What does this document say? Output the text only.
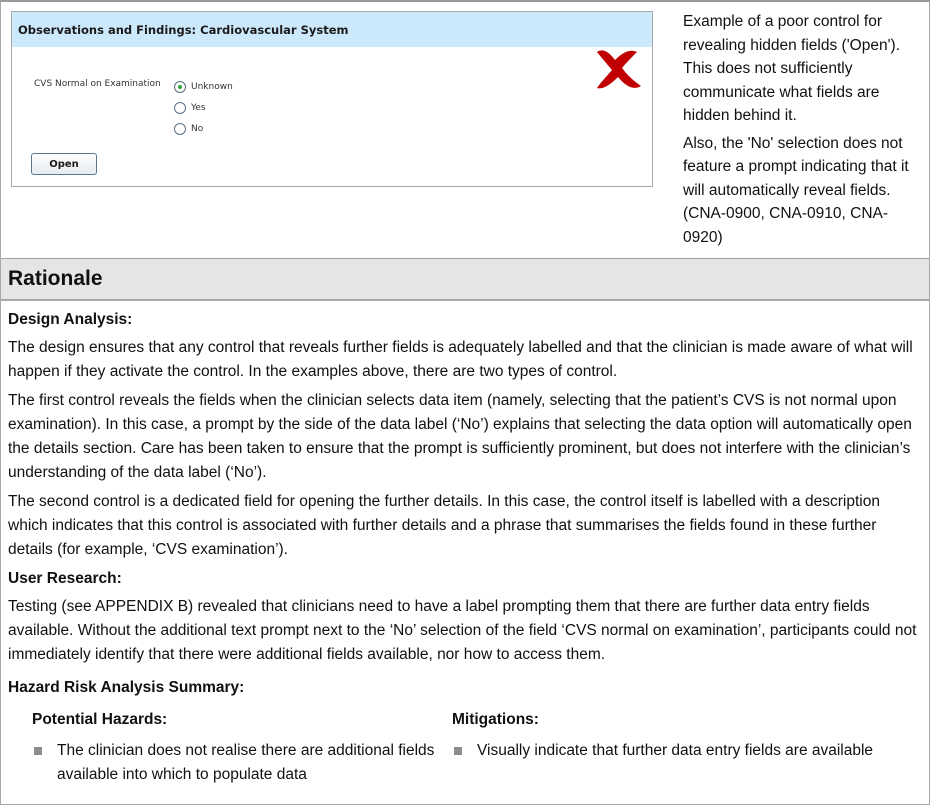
Observations and Findings: Cardiovascular System
CVS Normal on Examination	Unknown
Yes
No
Open

Example of a poor control for revealing hidden fields ('Open'). This does not sufficiently communicate what fields are hidden behind it.

Also, the 'No' selection does not feature a prompt indicating that it will automatically reveal fields. (CNA-0900, CNA-0910, CNA-0920)

Rationale
Design Analysis:

The design ensures that any control that reveals further fields is adequately labelled and that the clinician is made aware of what will happen if they activate the control. In the examples above, there are two types of control.

The first control reveals the fields when the clinician selects data item (namely, selecting that the patient’s CVS is not normal upon examination). In this case, a prompt by the side of the data label (‘No’) explains that selecting the data option will automatically open the details section. Care has been taken to ensure that the prompt is sufficiently prominent, but does not interfere with the clinician’s understanding of the data label (‘No’).

The second control is a dedicated field for opening the further details. In this case, the control itself is labelled with a description which indicates that this control is associated with further details and a phrase that summarises the fields found in these further details (for example, ‘CVS examination’).

User Research:

Testing (see APPENDIX B) revealed that clinicians need to have a label prompting them that there are further data entry fields available. Without the additional text prompt next to the ‘No’ selection of the field ‘CVS normal on examination’, participants could not immediately identify that there were additional fields available, nor how to access them.

Hazard Risk Analysis Summary:
Potential Hazards:
The clinician does not realise there are additional fields available into which to populate data
Mitigations:
Visually indicate that further data entry fields are available
